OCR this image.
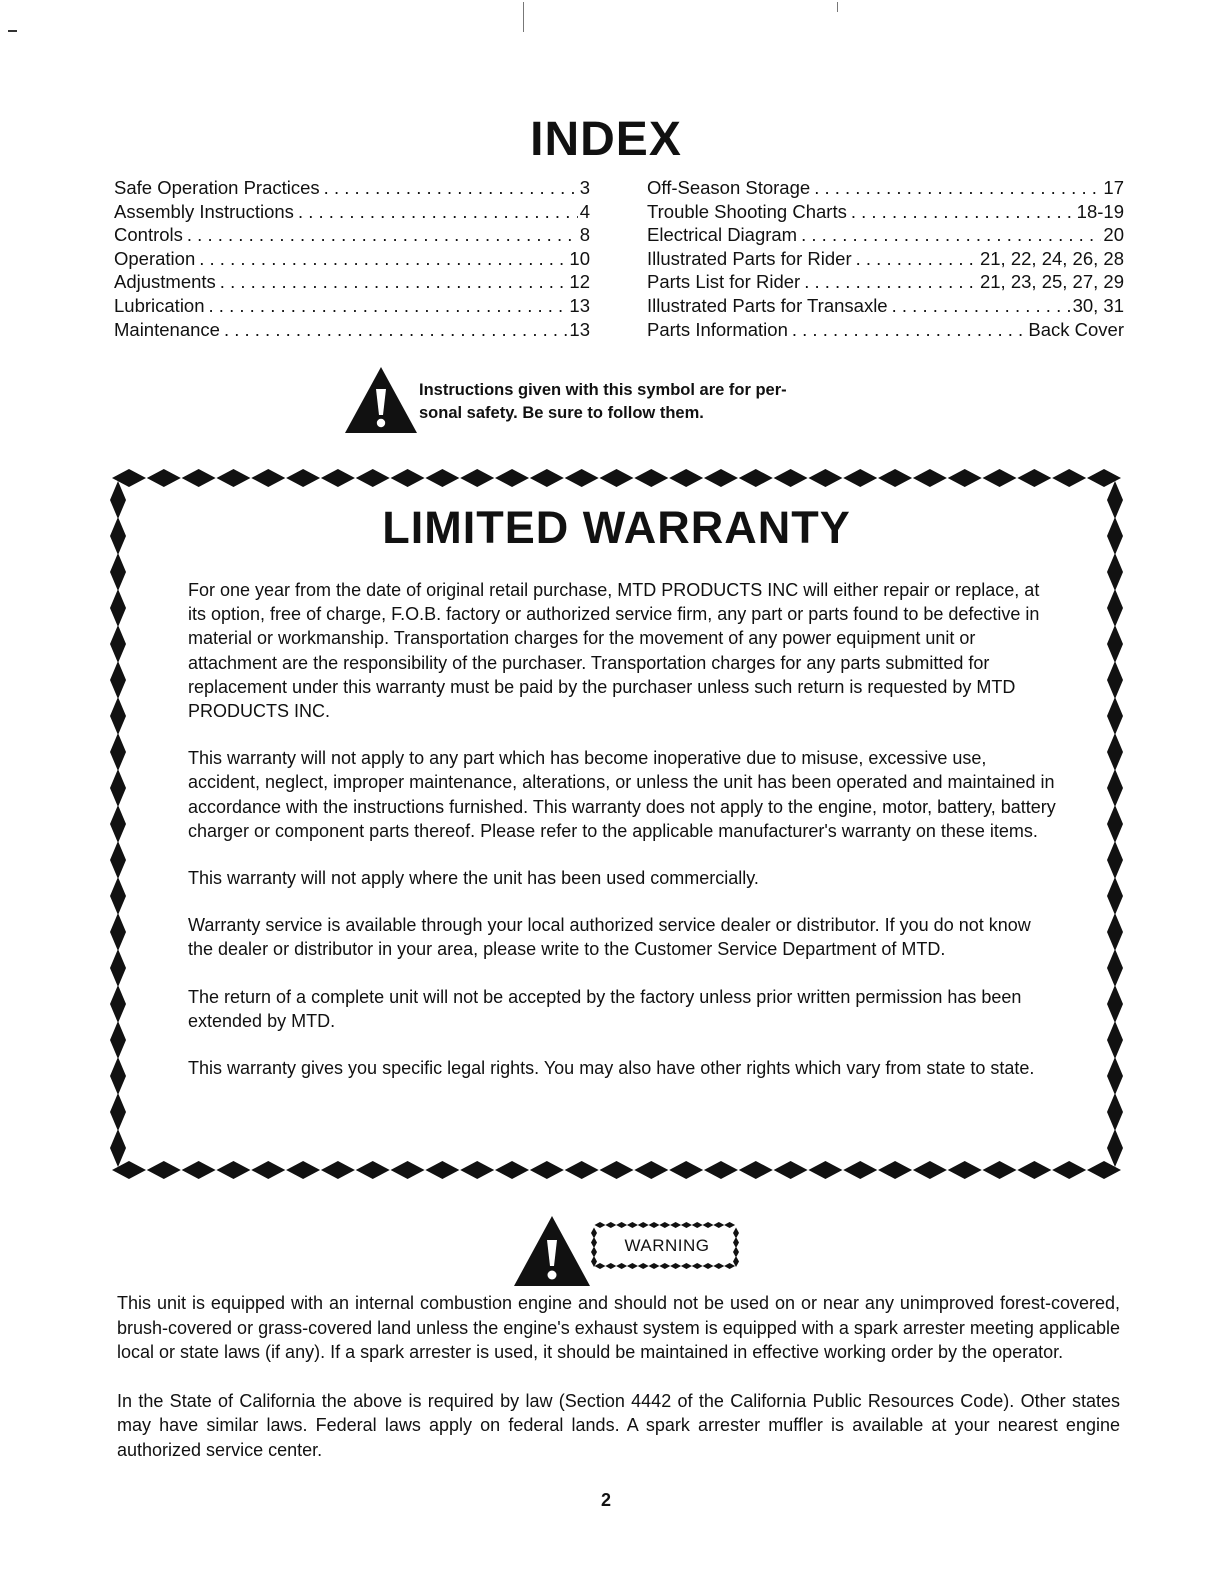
INDEX
Safe Operation Practices . . .	3
Assembly Instructions . . .	4
Controls . . .	8
Operation . . .	10
Adjustments . . .	12
Lubrication . . .	13
Maintenance . . .	13
Off-Season Storage . . .	17
Trouble Shooting Charts . . .	18-19
Electrical Diagram . . .	20
Illustrated Parts for Rider . . .	21, 22, 24, 26, 28
Parts List for Rider . . .	21, 23, 25, 27, 29
Illustrated Parts for Transaxle . . .	30, 31
Parts Information . . .	Back Cover
Instructions given with this symbol are for per-
sonal safety. Be sure to follow them.
LIMITED WARRANTY

For one year from the date of original retail purchase, MTD PRODUCTS INC will either repair or replace, at its option, free of charge, F.O.B. factory or authorized service firm, any part or parts found to be defective in material or workmanship. Transportation charges for the movement of any power equipment unit or attachment are the responsibility of the purchaser. Transportation charges for any parts submitted for replacement under this warranty must be paid by the purchaser unless such return is requested by MTD PRODUCTS INC.

This warranty will not apply to any part which has become inoperative due to misuse, excessive use, accident, neglect, improper maintenance, alterations, or unless the unit has been operated and maintained in accordance with the instructions furnished. This warranty does not apply to the engine, motor, battery, battery charger or component parts thereof. Please refer to the applicable manufacturer's warranty on these items.

This warranty will not apply where the unit has been used commercially.

Warranty service is available through your local authorized service dealer or distributor. If you do not know the dealer or distributor in your area, please write to the Customer Service Department of MTD.

The return of a complete unit will not be accepted by the factory unless prior written permission has been extended by MTD.

This warranty gives you specific legal rights. You may also have other rights which vary from state to state.

WARNING

This unit is equipped with an internal combustion engine and should not be used on or near any unimproved forest-covered, brush-covered or grass-covered land unless the engine's exhaust system is equipped with a spark arrester meeting applicable local or state laws (if any). If a spark arrester is used, it should be maintained in effective working order by the operator.

In the State of California the above is required by law (Section 4442 of the California Public Resources Code). Other states may have similar laws. Federal laws apply on federal lands. A spark arrester muffler is available at your nearest engine authorized service center.

2
